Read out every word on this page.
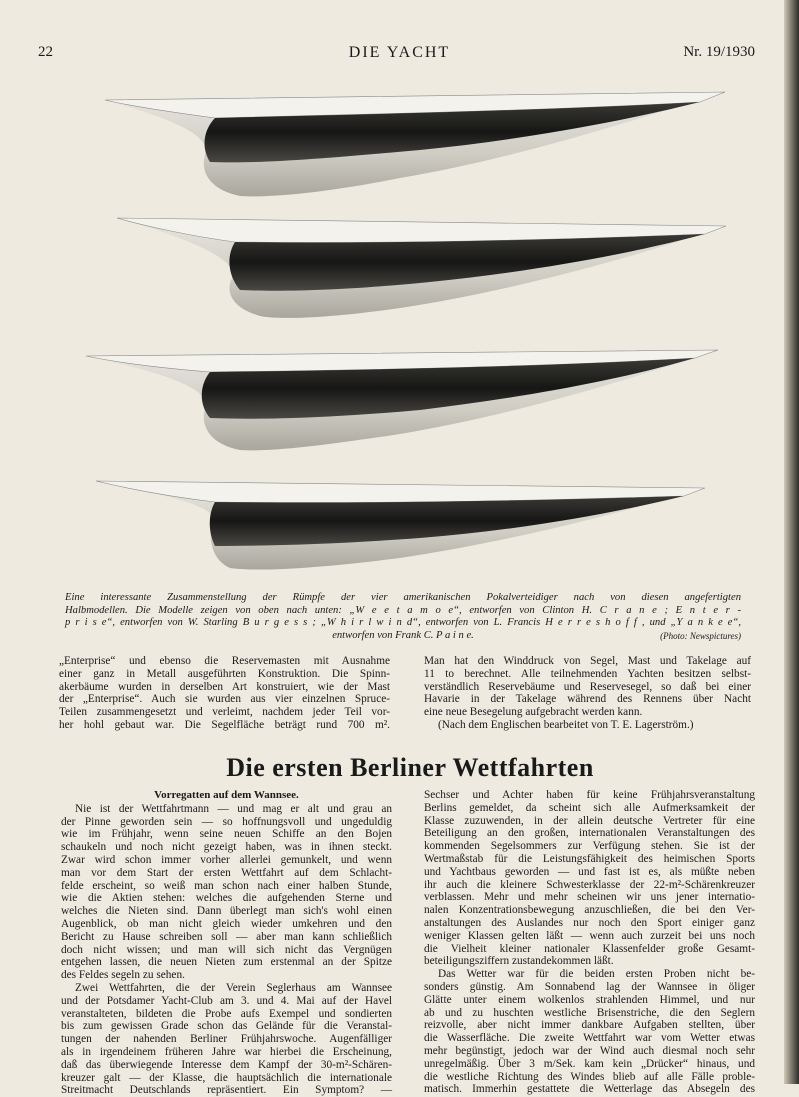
22	DIE YACHT	Nr. 19/1930

Eine interessante Zusammenstellung der Rümpfe der vier amerikanischen Pokalverteidiger nach von diesen angefertigten

Halbmodellen. Die Modelle zeigen von oben nach unten: „W e e t a m o e“, entworfen von Clinton H. C r a n e ; E n t e r -

p r i s e“, entworfen von W. Starling B u r g e s s ; „W h i r l w i n d“, entworfen von L. Francis H e r r e s h o f f , und „Y a n k e e“,

entworfen von Frank C. P a i n e.	(Photo: Newspictures)

„Enterprise“ und ebenso die Reservemasten mit Ausnahme

einer ganz in Metall ausgeführten Konstruktion. Die Spinn-

akerbäume wurden in derselben Art konstruiert, wie der Mast

der „Enterprise“. Auch sie wurden aus vier einzelnen Spruce-

Teilen zusammengesetzt und verleimt, nachdem jeder Teil vor-

her hohl gebaut war. Die Segelfläche beträgt rund 700 m².

Man hat den Winddruck von Segel, Mast und Takelage auf

11 to berechnet. Alle teilnehmenden Yachten besitzen selbst-

verständlich Reservebäume und Reservesegel, so daß bei einer

Havarie in der Takelage während des Rennens über Nacht

eine neue Besegelung aufgebracht werden kann.

(Nach dem Englischen bearbeitet von T. E. Lagerström.)

Die ersten Berliner Wettfahrten

Vorregatten auf dem Wannsee.

Nie ist der Wettfahrtmann — und mag er alt und grau an

der Pinne geworden sein — so hoffnungsvoll und ungeduldig

wie im Frühjahr, wenn seine neuen Schiffe an den Bojen

schaukeln und noch nicht gezeigt haben, was in ihnen steckt.

Zwar wird schon immer vorher allerlei gemunkelt, und wenn

man vor dem Start der ersten Wettfahrt auf dem Schlacht-

felde erscheint, so weiß man schon nach einer halben Stunde,

wie die Aktien stehen: welches die aufgehenden Sterne und

welches die Nieten sind. Dann überlegt man sich's wohl einen

Augenblick, ob man nicht gleich wieder umkehren und den

Bericht zu Hause schreiben soll — aber man kann schließlich

doch nicht wissen; und man will sich nicht das Vergnügen

entgehen lassen, die neuen Nieten zum erstenmal an der Spitze

des Feldes segeln zu sehen.

Zwei Wettfahrten, die der Verein Seglerhaus am Wannsee

und der Potsdamer Yacht-Club am 3. und 4. Mai auf der Havel

veranstalteten, bildeten die Probe aufs Exempel und sondierten

bis zum gewissen Grade schon das Gelände für die Veranstal-

tungen der nahenden Berliner Frühjahrswoche. Augenfälliger

als in irgendeinem früheren Jahre war hierbei die Erscheinung,

daß das überwiegende Interesse dem Kampf der 30-m²-Schären-

kreuzer galt — der Klasse, die hauptsächlich die internationale

Streitmacht Deutschlands repräsentiert. Ein Symptom? —

Sechser und Achter haben für keine Frühjahrsveranstaltung

Berlins gemeldet, da scheint sich alle Aufmerksamkeit der

Klasse zuzuwenden, in der allein deutsche Vertreter für eine

Beteiligung an den großen, internationalen Veranstaltungen des

kommenden Segelsommers zur Verfügung stehen. Sie ist der

Wertmaßstab für die Leistungsfähigkeit des heimischen Sports

und Yachtbaus geworden — und fast ist es, als müßte neben

ihr auch die kleinere Schwesterklasse der 22-m²-Schärenkreuzer

verblassen. Mehr und mehr scheinen wir uns jener internatio-

nalen Konzentrationsbewegung anzuschließen, die bei den Ver-

anstaltungen des Auslandes nur noch den Sport einiger ganz

weniger Klassen gelten läßt — wenn auch zurzeit bei uns noch

die Vielheit kleiner nationaler Klassenfelder große Gesamt-

beteiligungsziffern zustandekommen läßt.

Das Wetter war für die beiden ersten Proben nicht be-

sonders günstig. Am Sonnabend lag der Wannsee in öliger

Glätte unter einem wolkenlos strahlenden Himmel, und nur

ab und zu huschten westliche Brisenstriche, die den Seglern

reizvolle, aber nicht immer dankbare Aufgaben stellten, über

die Wasserfläche. Die zweite Wettfahrt war vom Wetter etwas

mehr begünstigt, jedoch war der Wind auch diesmal noch sehr

unregelmäßig. Über 3 m/Sek. kam kein „Drücker“ hinaus, und

die westliche Richtung des Windes blieb auf alle Fälle proble-

matisch. Immerhin gestattete die Wetterlage das Absegeln des
